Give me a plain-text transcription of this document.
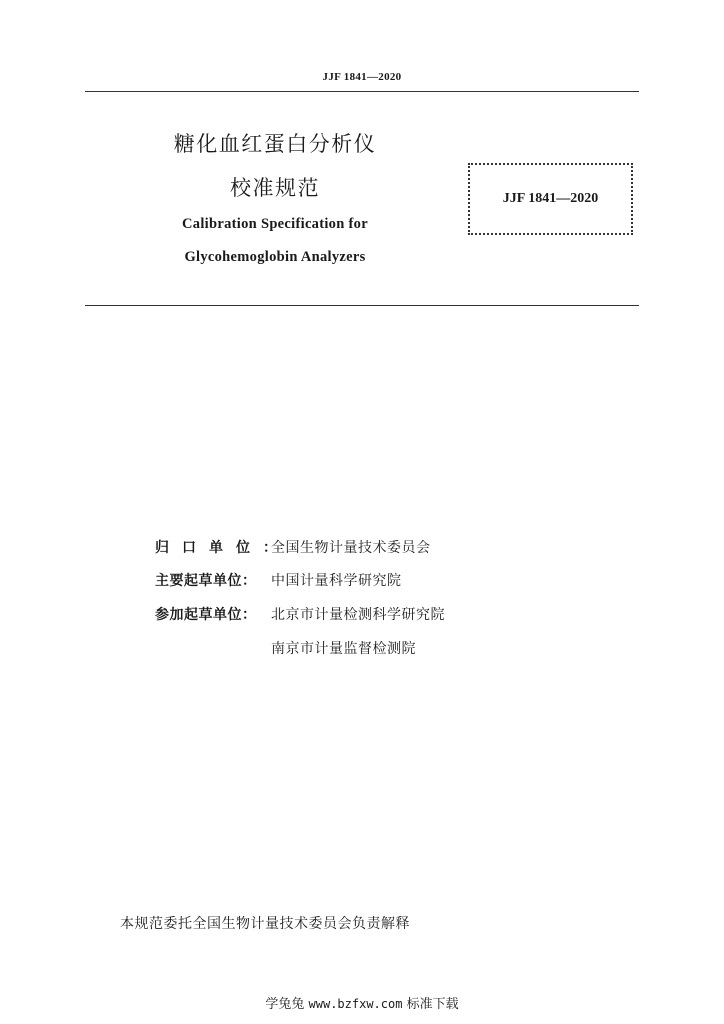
JJF 1841—2020
糖化血红蛋白分析仪
校准规范
Calibration Specification for
Glycohemoglobin Analyzers
JJF 1841—2020
归口单位：全国生物计量技术委员会
主要起草单位： 中国计量科学研究院
参加起草单位： 北京市计量检测科学研究院
南京市计量监督检测院
本规范委托全国生物计量技术委员会负责解释
学兔兔 www.bzfxw.com 标准下载
